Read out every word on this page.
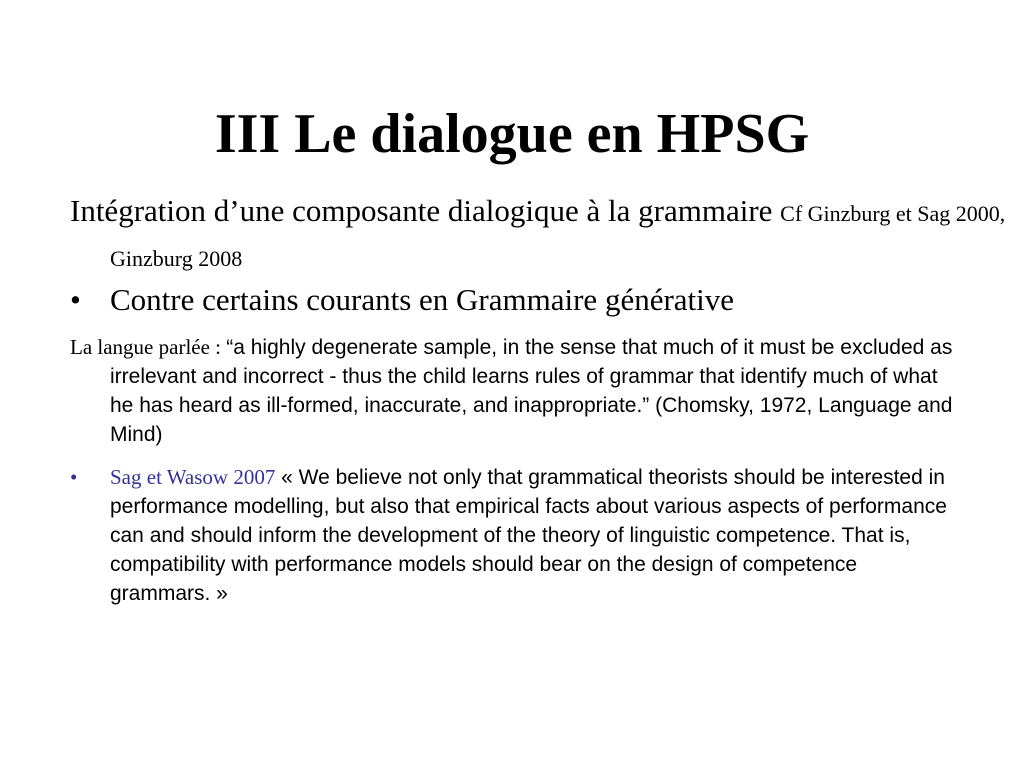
III Le dialogue en HPSG

Intégration d’une composante dialogique à la grammaire Cf Ginzburg et Sag 2000, Ginzburg 2008

• Contre certains courants en Grammaire générative

La langue parlée : “a highly degenerate sample, in the sense that much of it must be excluded as irrelevant and incorrect - thus the child learns rules of grammar that identify much of what he has heard as ill-formed, inaccurate, and inappropriate.” (Chomsky, 1972, Language and Mind)

• Sag et Wasow 2007 « We believe not only that grammatical theorists should be interested in performance modelling, but also that empirical facts about various aspects of performance can and should inform the development of the theory of linguistic competence. That is, compatibility with performance models should bear on the design of competence grammars. »
